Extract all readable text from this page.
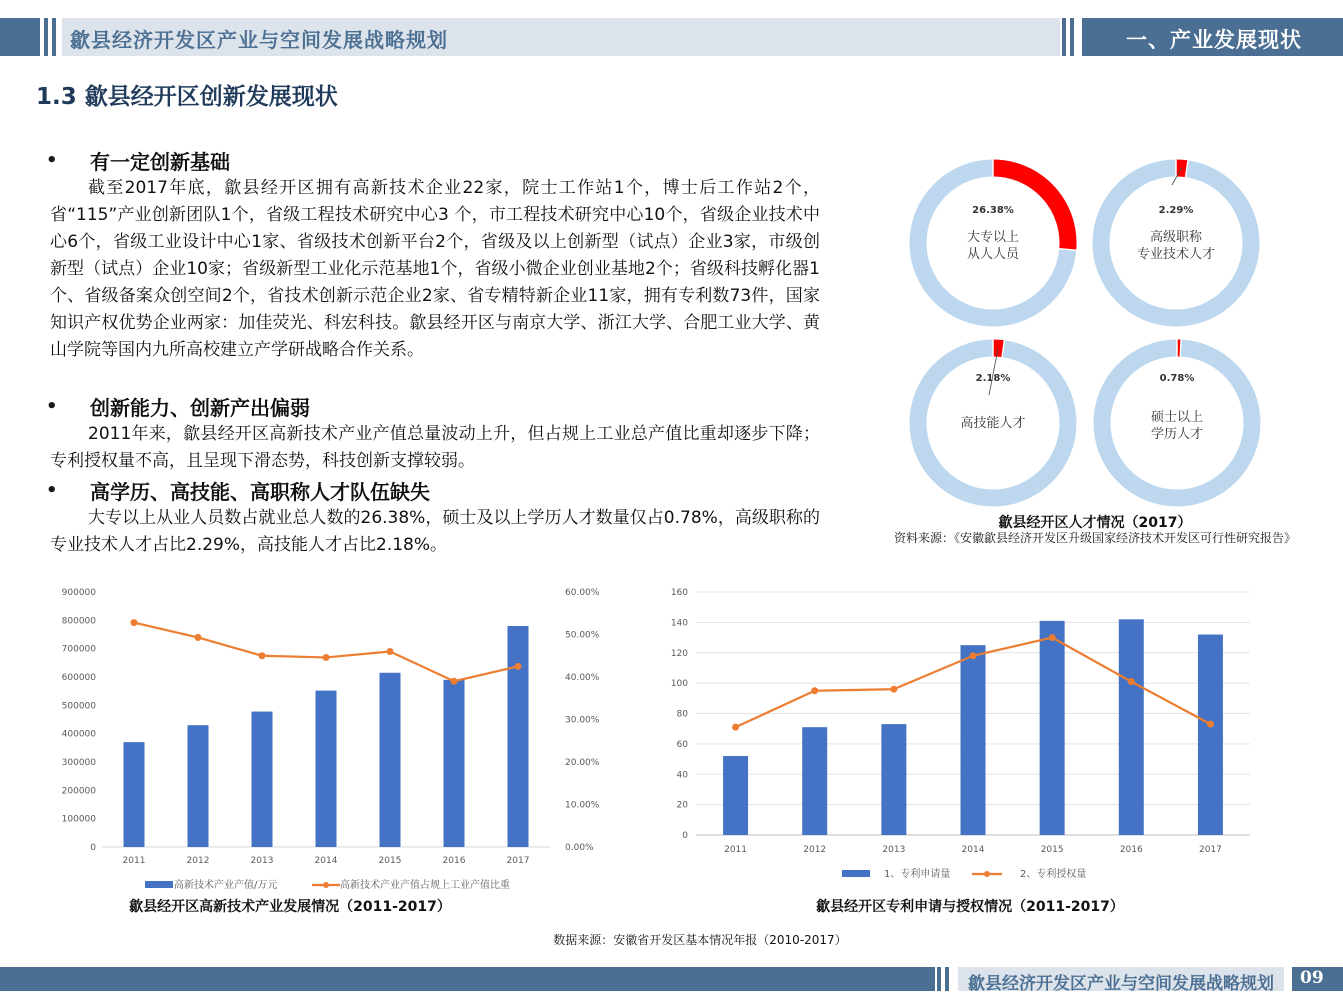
歙县经济开发区产业与空间发展战略规划	一、产业发展现状
1.3 歙县经开区创新发展现状
• 有一定创新基础
截至2017年底，歙县经开区拥有高新技术企业22家，院士工作站1个，博士后工作站2个，省“115”产业创新团队1个，省级工程技术研究中心3 个，市工程技术研究中心10个，省级企业技术中心6个，省级工业设计中心1家、省级技术创新平台2个，省级及以上创新型（试点）企业3家，市级创新型（试点）企业10家；省级新型工业化示范基地1个，省级小微企业创业基地2个；省级科技孵化器1个、省级备案众创空间2个，省技术创新示范企业2家、省专精特新企业11家，拥有专利数73件，国家知识产权优势企业两家：加佳荧光、科宏科技。歙县经开区与南京大学、浙江大学、合肥工业大学、黄山学院等国内九所高校建立产学研战略合作关系。
• 创新能力、创新产出偏弱
2011年来，歙县经开区高新技术产业产值总量波动上升，但占规上工业总产值比重却逐步下降；专利授权量不高，且呈现下滑态势，科技创新支撑较弱。
• 高学历、高技能、高职称人才队伍缺失
大专以上从业人员数占就业总人数的26.38%，硕士及以上学历人才数量仅占0.78%，高级职称的专业技术人才占比2.29%，高技能人才占比2.18%。
26.38%
大专以上
从人人员
2.29%
高级职称
专业技术人才
2.18%
高技能人才
0.78%
硕士以上
学历人才
歙县经开区人才情况（2017）
资料来源：《安徽歙县经济开发区升级国家经济技术开发区可行性研究报告》
0
100000
200000
300000
400000
500000
600000
700000
800000
900000
0.00%
10.00%
20.00%
30.00%
40.00%
50.00%
60.00%
2011	2012	2013	2014	2015	2016	2017
高新技术产业产值/万元	高新技术产业产值占规上工业产值比重
歙县经开区高新技术产业发展情况（2011-2017）
0
20
40
60
80
100
120
140
160
2011	2012	2013	2014	2015	2016	2017
1、专利申请量	2、专利授权量
歙县经开区专利申请与授权情况（2011-2017）
数据来源：安徽省开发区基本情况年报（2010-2017）
歙县经济开发区产业与空间发展战略规划 09
